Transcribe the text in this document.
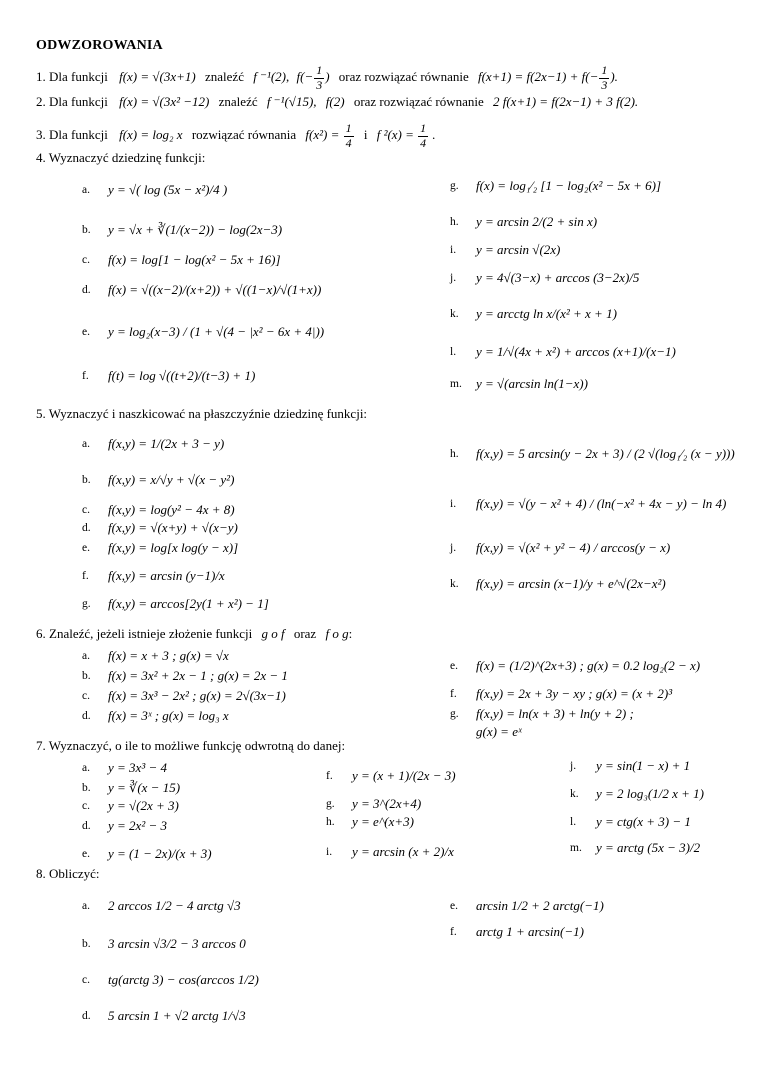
ODWZOROWANIA
1. Dla funkcji f(x) = √(3x+1) znaleźć f ⁻¹(2), $f(- \frac{1}{3}$ ) oraz rozwiązać równanie $f(x+1) = f(2x-1) + f(- \frac{1}{3}$ ).
2. Dla funkcji f(x) = √(3x² −12) znaleźć f ⁻¹(√15), f(2) oraz rozwiązać równanie 2 f(x+1) = f(2x−1) + 3 f(2).
3. Dla funkcji f(x) = log₂ x rozwiązać równania $f(x^2) = \frac{1}{4}$ i f $^2(x) = \frac{1}{4}$ .
4. Wyznaczyć dziedzinę funkcji:
a. y = √( log (5x − x²)/4 )
b. y = √x + ∛(1/(x−2)) − log(2x−3)
c. f(x) = log[1 − log(x² − 5x + 16)]
d. f(x) = √((x−2)/(x+2)) + √((1−x)/√(1+x))
e. y = log₂(x−3) / (1 + √(4 − |x² − 6x + 4|))
f. f(t) = log √((t+2)/(t−3) + 1)
g. f(x) = log₁⁄₂ [1 − log₂(x² − 5x + 6)]
h. y = arcsin 2/(2 + sin x)
i. y = arcsin √(2x)
j. y = 4√(3−x) + arccos (3−2x)/5
k. y = arcctg ln x/(x² + x + 1)
l. y = 1/√(4x + x²) + arccos (x+1)/(x−1)
m. y = √(arcsin ln(1−x))
5. Wyznaczyć i naszkicować na płaszczyźnie dziedzinę funkcji:
a. f(x,y) = 1/(2x + 3 − y)
b. f(x,y) = x/√y + √(x − y²)
c. f(x,y) = log(y² − 4x + 8)
d. f(x,y) = √(x+y) + √(x−y)
e. f(x,y) = log[x log(y − x)]
f. f(x,y) = arcsin (y−1)/x
g. f(x,y) = arccos[2y(1 + x²) − 1]
h. f(x,y) = 5 arcsin(y − 2x + 3) / (2 √(log₁⁄₂ (x − y)))
i. f(x,y) = √(y − x² + 4) / (ln(−x² + 4x − y) − ln 4)
j. f(x,y) = √(x² + y² − 4) / arccos(y − x)
k. f(x,y) = arcsin (x−1)/y + e^√(2x−x²)
6. Znaleźć, jeżeli istnieje złożenie funkcji g o f oraz f o g:
a. f(x) = x + 3 ; g(x) = √x
b. f(x) = 3x² + 2x − 1 ; g(x) = 2x − 1
c. f(x) = 3x³ − 2x² ; g(x) = 2√(3x−1)
d. f(x) = 3ˣ ; g(x) = log₃ x
e. f(x) = (1/2)^(2x+3) ; g(x) = 0.2 log₂(2 − x)
f. f(x,y) = 2x + 3y − xy ; g(x) = (x + 2)³
g. f(x,y) = ln(x + 3) + ln(y + 2) ;
g(x) = eˣ
7. Wyznaczyć, o ile to możliwe funkcję odwrotną do danej:
a. y = 3x³ − 4
b. y = ∛(x − 15)
c. y = √(2x + 3)
d. y = 2x² − 3
e. y = (1 − 2x)/(x + 3)
f. y = (x + 1)/(2x − 3)
g. y = 3^(2x+4)
h. y = e^(x+3)
i. y = arcsin (x + 2)/x
j. y = sin(1 − x) + 1
k. y = 2 log₃(1/2 x + 1)
l. y = ctg(x + 3) − 1
m. y = arctg (5x − 3)/2
8. Obliczyć:
a. 2 arccos 1/2 − 4 arctg √3
b. 3 arcsin √3/2 − 3 arccos 0
c. tg(arctg 3) − cos(arccos 1/2)
d. 5 arcsin 1 + √2 arctg 1/√3
e. arcsin 1/2 + 2 arctg(−1)
f. arctg 1 + arcsin(−1)
